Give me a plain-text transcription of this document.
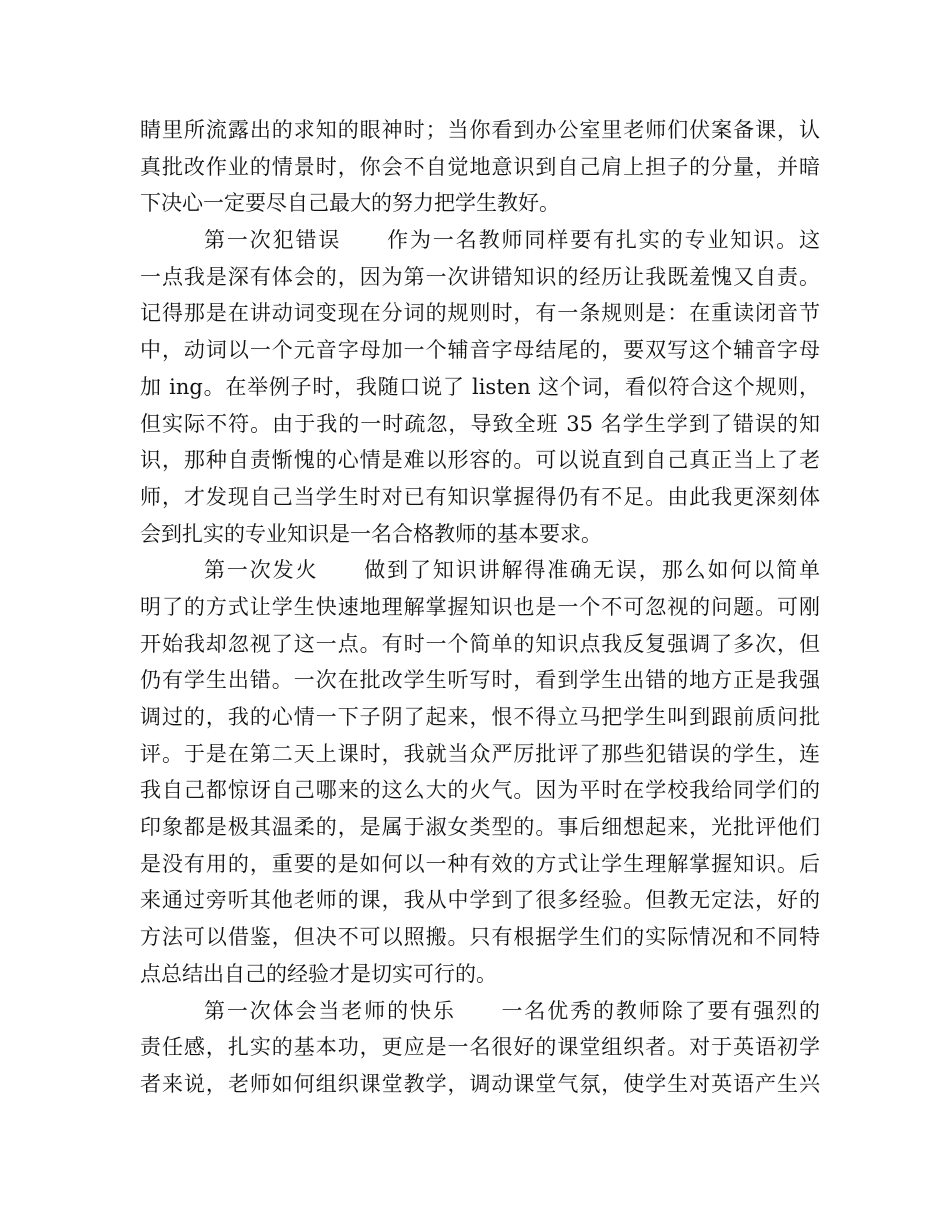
睛里所流露出的求知的眼神时；当你看到办公室里老师们伏案备课，认
真批改作业的情景时，你会不自觉地意识到自己肩上担子的分量，并暗
下决心一定要尽自己最大的努力把学生教好。
第一次犯错误　　作为一名教师同样要有扎实的专业知识。这
一点我是深有体会的，因为第一次讲错知识的经历让我既羞愧又自责。
记得那是在讲动词变现在分词的规则时，有一条规则是：在重读闭音节
中，动词以一个元音字母加一个辅音字母结尾的，要双写这个辅音字母
加 ing。在举例子时，我随口说了 listen 这个词，看似符合这个规则，
但实际不符。由于我的一时疏忽，导致全班 35 名学生学到了错误的知
识，那种自责惭愧的心情是难以形容的。可以说直到自己真正当上了老
师，才发现自己当学生时对已有知识掌握得仍有不足。由此我更深刻体
会到扎实的专业知识是一名合格教师的基本要求。
第一次发火　　做到了知识讲解得准确无误，那么如何以简单
明了的方式让学生快速地理解掌握知识也是一个不可忽视的问题。可刚
开始我却忽视了这一点。有时一个简单的知识点我反复强调了多次，但
仍有学生出错。一次在批改学生听写时，看到学生出错的地方正是我强
调过的，我的心情一下子阴了起来，恨不得立马把学生叫到跟前质问批
评。于是在第二天上课时，我就当众严厉批评了那些犯错误的学生，连
我自己都惊讶自己哪来的这么大的火气。因为平时在学校我给同学们的
印象都是极其温柔的，是属于淑女类型的。事后细想起来，光批评他们
是没有用的，重要的是如何以一种有效的方式让学生理解掌握知识。后
来通过旁听其他老师的课，我从中学到了很多经验。但教无定法，好的
方法可以借鉴，但决不可以照搬。只有根据学生们的实际情况和不同特
点总结出自己的经验才是切实可行的。
第一次体会当老师的快乐　　一名优秀的教师除了要有强烈的
责任感，扎实的基本功，更应是一名很好的课堂组织者。对于英语初学
者来说，老师如何组织课堂教学，调动课堂气氛，使学生对英语产生兴
